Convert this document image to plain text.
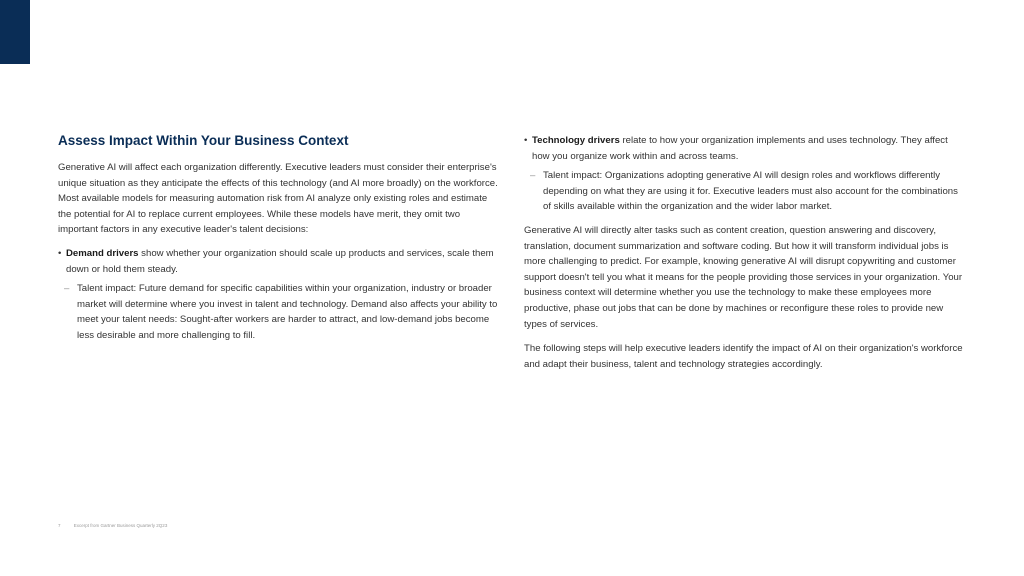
Assess Impact Within Your Business Context

Generative AI will affect each organization differently. Executive leaders must consider their enterprise's unique situation as they anticipate the effects of this technology (and AI more broadly) on the workforce. Most available models for measuring automation risk from AI analyze only existing roles and estimate the potential for AI to replace current employees. While these models have merit, they omit two important factors in any executive leader's talent decisions:

• Demand drivers show whether your organization should scale up products and services, scale them down or hold them steady.
– Talent impact: Future demand for specific capabilities within your organization, industry or broader market will determine where you invest in talent and technology. Demand also affects your ability to meet your talent needs: Sought-after workers are harder to attract, and low-demand jobs become less desirable and more challenging to fill.
• Technology drivers relate to how your organization implements and uses technology. They affect how you organize work within and across teams.
– Talent impact: Organizations adopting generative AI will design roles and workflows differently depending on what they are using it for. Executive leaders must also account for the combinations of skills available within the organization and the wider labor market.

Generative AI will directly alter tasks such as content creation, question answering and discovery, translation, document summarization and software coding. But how it will transform individual jobs is more challenging to predict. For example, knowing generative AI will disrupt copywriting and customer support doesn't tell you what it means for the people providing those services in your organization. Your business context will determine whether you use the technology to make these employees more productive, phase out jobs that can be done by machines or reconfigure these roles to provide new types of services.

The following steps will help executive leaders identify the impact of AI on their organization's workforce and adapt their business, talent and technology strategies accordingly.

7	Excerpt from Gartner Business Quarterly 2Q23
